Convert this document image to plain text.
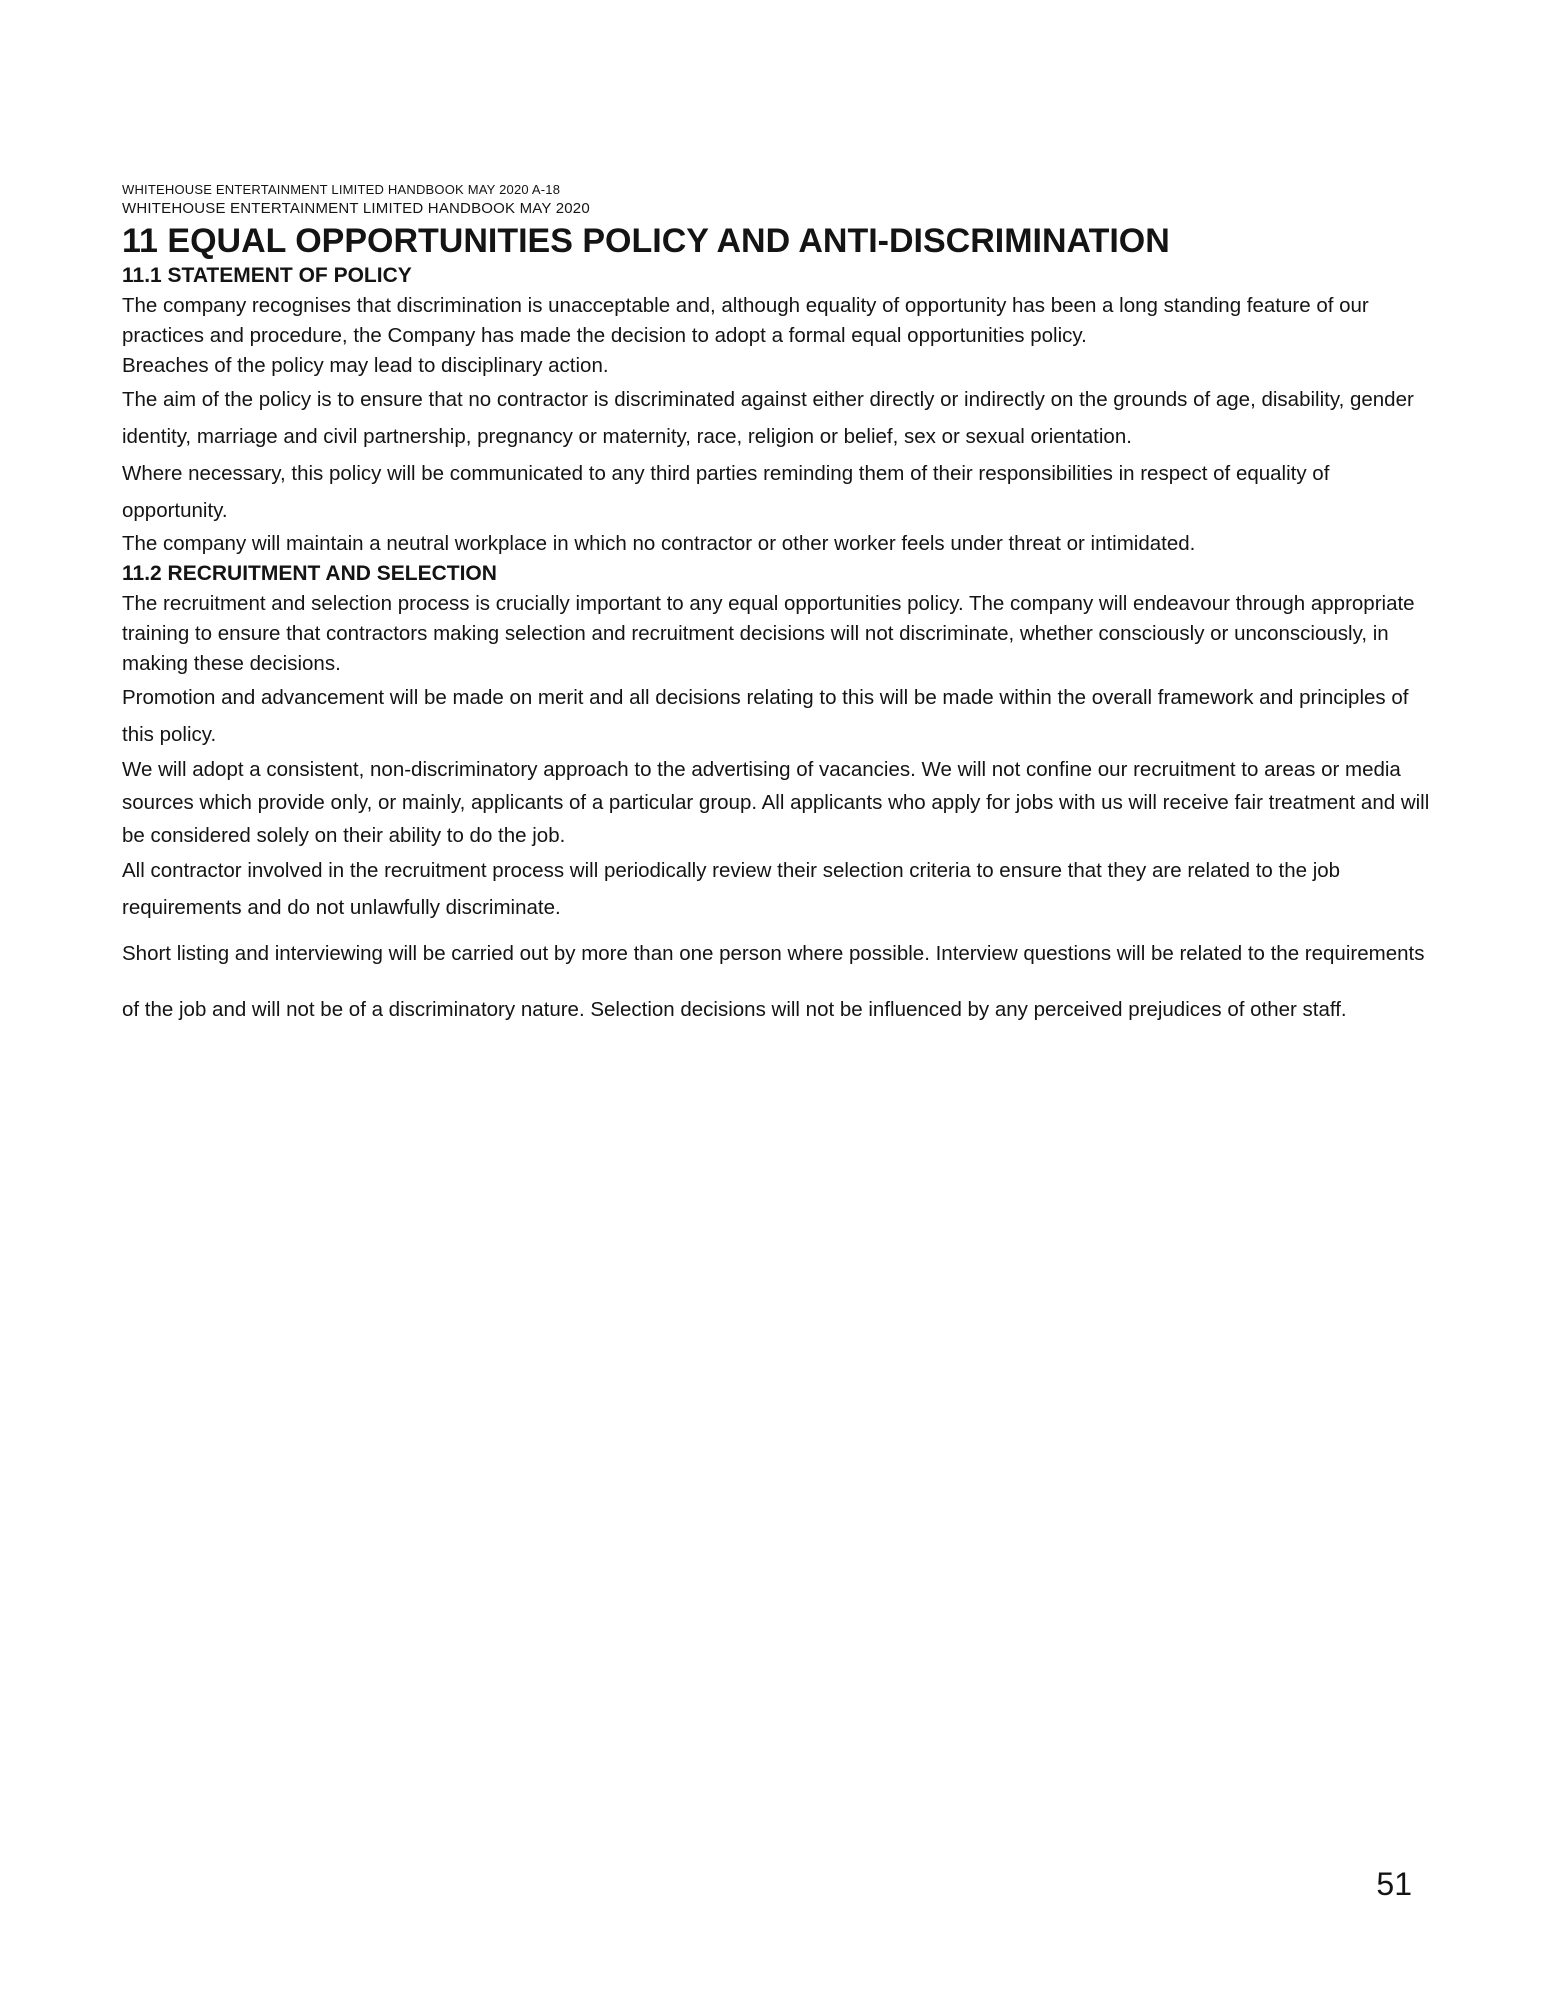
WHITEHOUSE ENTERTAINMENT LIMITED HANDBOOK MAY 2020 A-18
WHITEHOUSE ENTERTAINMENT LIMITED HANDBOOK MAY 2020
11 EQUAL OPPORTUNITIES POLICY AND ANTI-DISCRIMINATION
11.1 STATEMENT OF POLICY

The company recognises that discrimination is unacceptable and, although equality of opportunity has been a long standing feature of our practices and procedure, the Company has made the decision to adopt a formal equal opportunities policy.

Breaches of the policy may lead to disciplinary action.

The aim of the policy is to ensure that no contractor is discriminated against either directly or indirectly on the grounds of age, disability, gender identity, marriage and civil partnership, pregnancy or maternity, race, religion or belief, sex or sexual orientation.

Where necessary, this policy will be communicated to any third parties reminding them of their responsibilities in respect of equality of opportunity.

The company will maintain a neutral workplace in which no contractor or other worker feels under threat or intimidated.

11.2 RECRUITMENT AND SELECTION

The recruitment and selection process is crucially important to any equal opportunities policy. The company will endeavour through appropriate training to ensure that contractors making selection and recruitment decisions will not discriminate, whether consciously or unconsciously, in making these decisions.

Promotion and advancement will be made on merit and all decisions relating to this will be made within the overall framework and principles of this policy.

We will adopt a consistent, non-discriminatory approach to the advertising of vacancies. We will not confine our recruitment to areas or media sources which provide only, or mainly, applicants of a particular group. All applicants who apply for jobs with us will receive fair treatment and will be considered solely on their ability to do the job.

All contractor involved in the recruitment process will periodically review their selection criteria to ensure that they are related to the job requirements and do not unlawfully discriminate.

Short listing and interviewing will be carried out by more than one person where possible. Interview questions will be related to the requirements of the job and will not be of a discriminatory nature. Selection decisions will not be influenced by any perceived prejudices of other staff.

51
